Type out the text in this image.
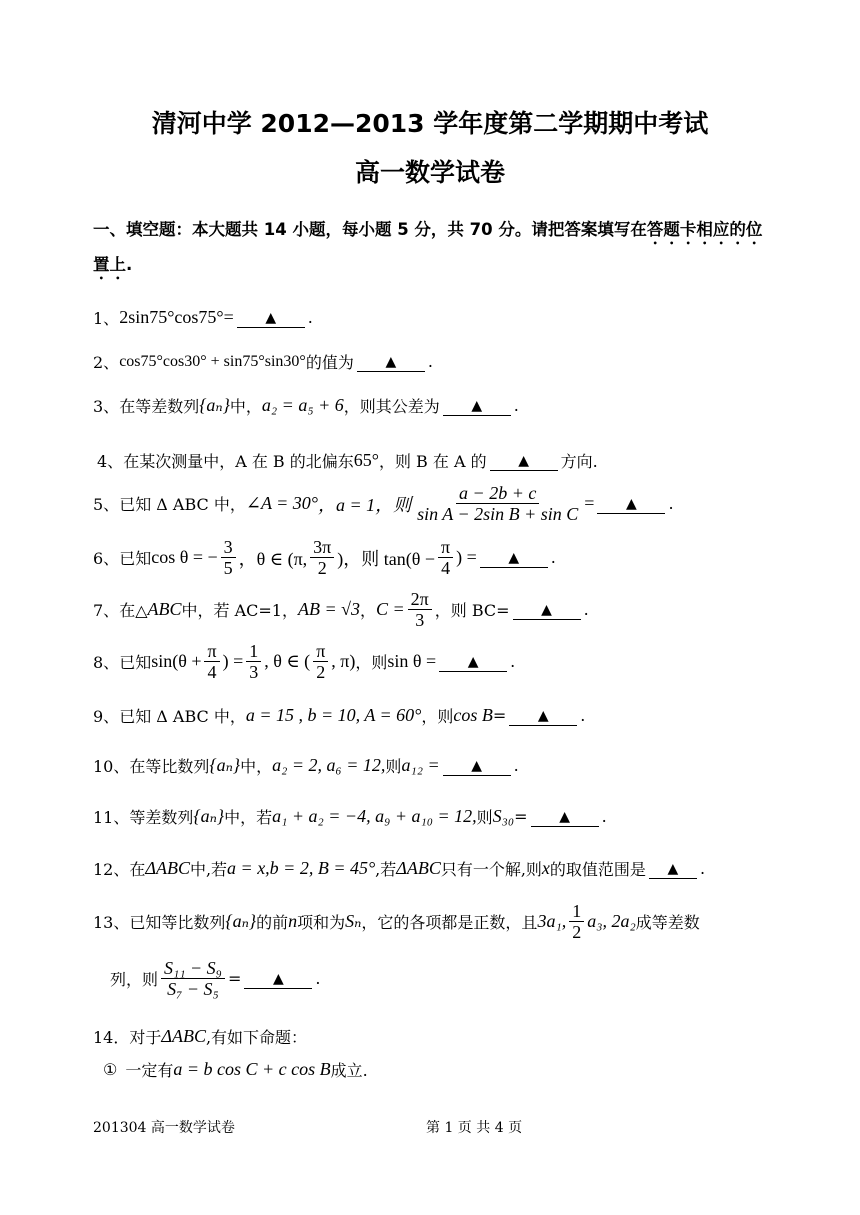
清河中学 2012—2013 学年度第二学期期中考试
高一数学试卷
一、填空题：本大题共 14 小题，每小题 5 分，共 70 分。请把答案填写在答题卡相应的位置上.
1、 2sin75°cos75°=	▲	.
2、 cos75°cos30° + sin75°sin30° 的值为	▲	.
3、 在等差数列 {aₙ} 中， a₂ = a₅ + 6 ，则其公差为	▲	.
4、 在某次测量中，A 在 B 的北偏东 65° ，则 B 在 A 的	▲	方向.
5、 已知 Δ ABC 中， ∠A = 30° ，a = 1，则 $\frac{a - 2b + c}{\text{sin A − 2sin B + sin C}}$ =	▲	.
6、 已知 cos θ = − $\frac{3}{5}$ ，θ ∈ (π, $\frac{3\pi}{2}$ )，则 $\tan(\theta - \frac{\pi}{4}$ ) =	▲	.
7、 在△ ABC 中，若 AC=1， AB = √3 ， $C = \frac{2\pi}{3}$ ，则 BC=	▲	.
8、 已知 $\sin(\theta + \frac{\pi}{4}$ ) = $\frac{1}{3}$ , θ ∈ ( $\frac{\pi}{2}$ , π) ，则 sin θ =	▲	.
9、 已知 Δ ABC 中， a = 15 , b = 10, A = 60° ，则 cos B =	▲	.
10、 在等比数列 {aₙ} 中， a₂ = 2, a₆ = 12, 则 a₁₂ =	▲	.
11、 等差数列 {aₙ} 中，若 a₁ + a₂ = −4, a₉ + a₁₀ = 12, 则 S₃₀ =	▲	.
12、 在 ΔABC 中,若 a = x,b = 2, B = 45° ,若 ΔABC 只有一个解,则 x 的取值范围是	▲	.
13、 已知等比数列 {aₙ} 的前 n 项和为 Sₙ ，它的各项都是正数，且 3a₁, $\frac{1}{2} a_3$, 2a₂ 成等差数
列，则 $\frac{\text{S₁₁ − S₉}}{\text{S₇ − S₅}}$ =	▲	.
14． 对于 ΔABC ,有如下命题：
① 一定有 a = b cos C + c cos B 成立.
201304 高一数学试卷	第 1 页 共 4 页
